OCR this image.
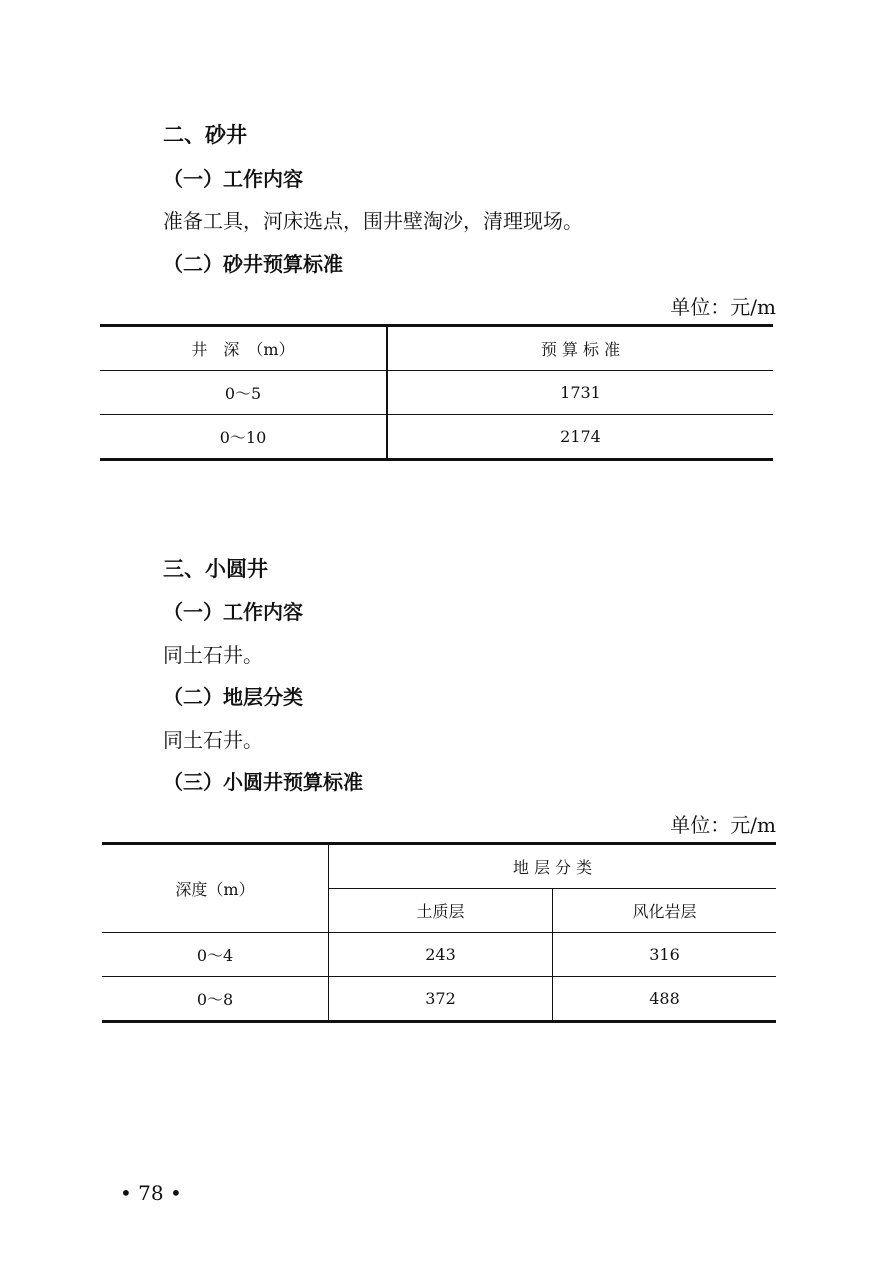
二、砂井
（一）工作内容
准备工具，河床选点，围井壁淘沙，清理现场。
（二）砂井预算标准
单位：元/m
井　深　（m）	预 算 标 准
0～5	1731
0～10	2174
三、小圆井
（一）工作内容
同土石井。
（二）地层分类
同土石井。
（三）小圆井预算标准
单位：元/m
深度（m）	地 层 分 类	
	土质层	风化岩层
0～4	243	316
0～8	372	488
• 78 •
